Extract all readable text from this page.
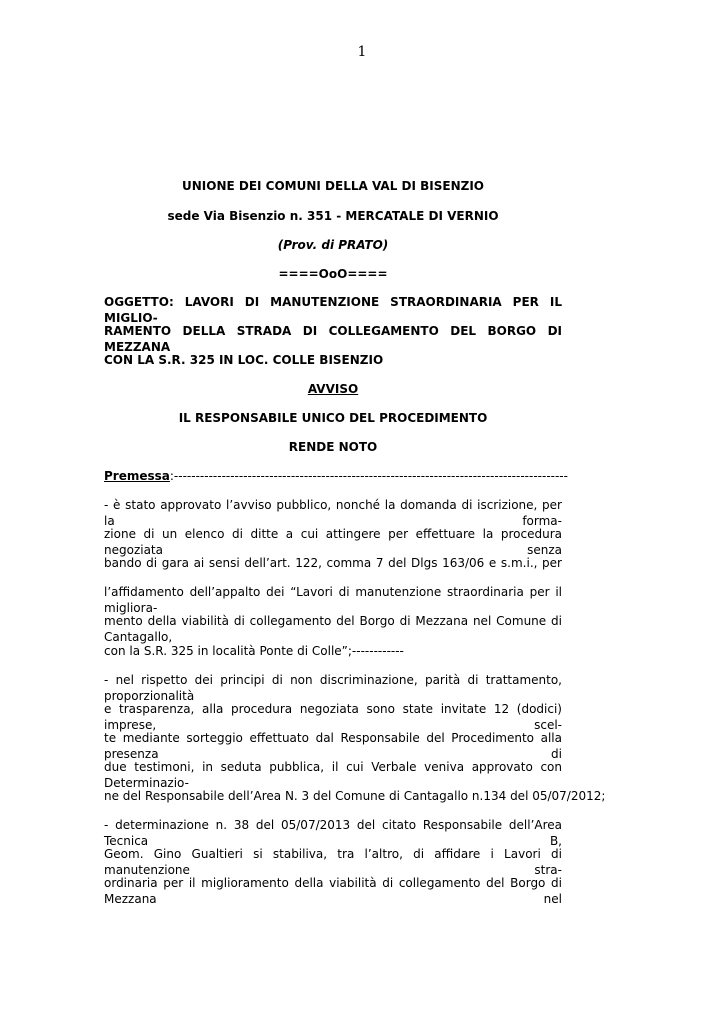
1
UNIONE DEI COMUNI DELLA VAL DI BISENZIO
sede Via Bisenzio n. 351 - MERCATALE DI VERNIO
(Prov. di PRATO)
====OoO====
OGGETTO: LAVORI DI MANUTENZIONE STRAORDINARIA PER IL MIGLIO-
RAMENTO DELLA STRADA DI COLLEGAMENTO DEL BORGO DI MEZZANA
CON LA S.R. 325 IN LOC. COLLE BISENZIO
AVVISO
IL RESPONSABILE UNICO DEL PROCEDIMENTO
RENDE NOTO
Premessa:-------------------------------------------------------------------------------------------
- è stato approvato l’avviso pubblico, nonché la domanda di iscrizione, per la forma-
zione di un elenco di ditte a cui attingere per effettuare la procedura negoziata senza
bando di gara ai sensi dell’art. 122, comma 7 del Dlgs 163/06 e s.m.i., per
l’affidamento dell’appalto dei “Lavori di manutenzione straordinaria per il migliora-
mento della viabilità di collegamento del Borgo di Mezzana nel Comune di Cantagallo,
con la S.R. 325 in località Ponte di Colle”;------------
- nel rispetto dei principi di non discriminazione, parità di trattamento, proporzionalità
e trasparenza, alla procedura negoziata sono state invitate 12 (dodici) imprese, scel-
te mediante sorteggio effettuato dal Responsabile del Procedimento alla presenza di
due testimoni, in seduta pubblica, il cui Verbale veniva approvato con Determinazio-
ne del Responsabile dell’Area N. 3 del Comune di Cantagallo n.134 del 05/07/2012;
- determinazione n. 38 del 05/07/2013 del citato Responsabile dell’Area Tecnica B,
Geom. Gino Gualtieri si stabiliva, tra l’altro, di affidare i Lavori di manutenzione stra-
ordinaria per il miglioramento della viabilità di collegamento del Borgo di Mezzana nel
